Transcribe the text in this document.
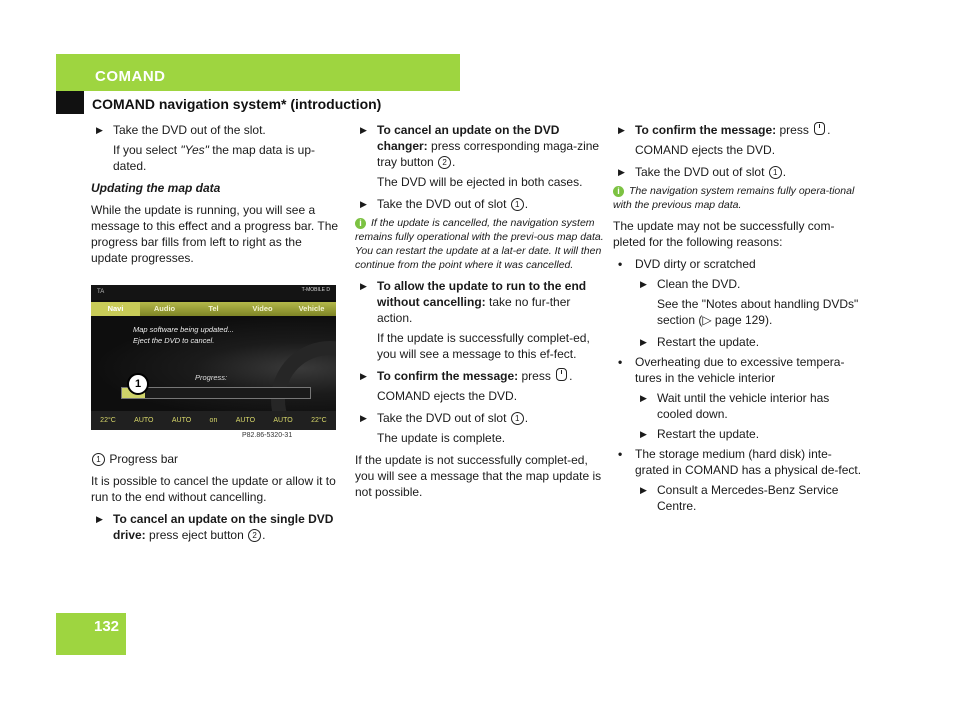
COMAND
COMAND navigation system* (introduction)
▶ Take the DVD out of the slot.
If you select "Yes" the map data is up-dated.
Updating the map data
While the update is running, you will see a message to this effect and a progress bar. The progress bar fills from left to right as the update progresses.
TA	T-MOBILE D
Navi	Audio	Tel	Video	Vehicle
Map software being updated...
Eject the DVD to cancel.
Progress:
1
22°C	AUTO	AUTO	on	AUTO	AUTO	22°C
P82.86-5320-31
1 Progress bar
It is possible to cancel the update or allow it to run to the end without cancelling.
▶ To cancel an update on the single DVD drive: press eject button 2 .
▶ To cancel an update on the DVD changer: press corresponding maga-zine tray button 2 .
The DVD will be ejected in both cases.
▶ Take the DVD out of slot 1 .
i If the update is cancelled, the navigation system remains fully operational with the previ-ous map data. You can restart the update at a lat-er date. It will then continue from the point where it was cancelled.
▶ To allow the update to run to the end without cancelling: take no fur-ther action.
If the update is successfully complet-ed, you will see a message to this ef-fect.
▶ To confirm the message: press .
COMAND ejects the DVD.
▶ Take the DVD out of slot 1 .
The update is complete.
If the update is not successfully complet-ed, you will see a message that the map update is not possible.
▶ To confirm the message: press .
COMAND ejects the DVD.
▶ Take the DVD out of slot 1 .
i The navigation system remains fully opera-tional with the previous map data.
The update may not be successfully com-pleted for the following reasons:
• DVD dirty or scratched
▶ Clean the DVD.
See the "Notes about handling DVDs" section (▷ page 129).
▶ Restart the update.
• Overheating due to excessive tempera-tures in the vehicle interior
▶ Wait until the vehicle interior has cooled down.
▶ Restart the update.
• The storage medium (hard disk) inte-grated in COMAND has a physical de-fect.
▶ Consult a Mercedes-Benz Service Centre.
132
